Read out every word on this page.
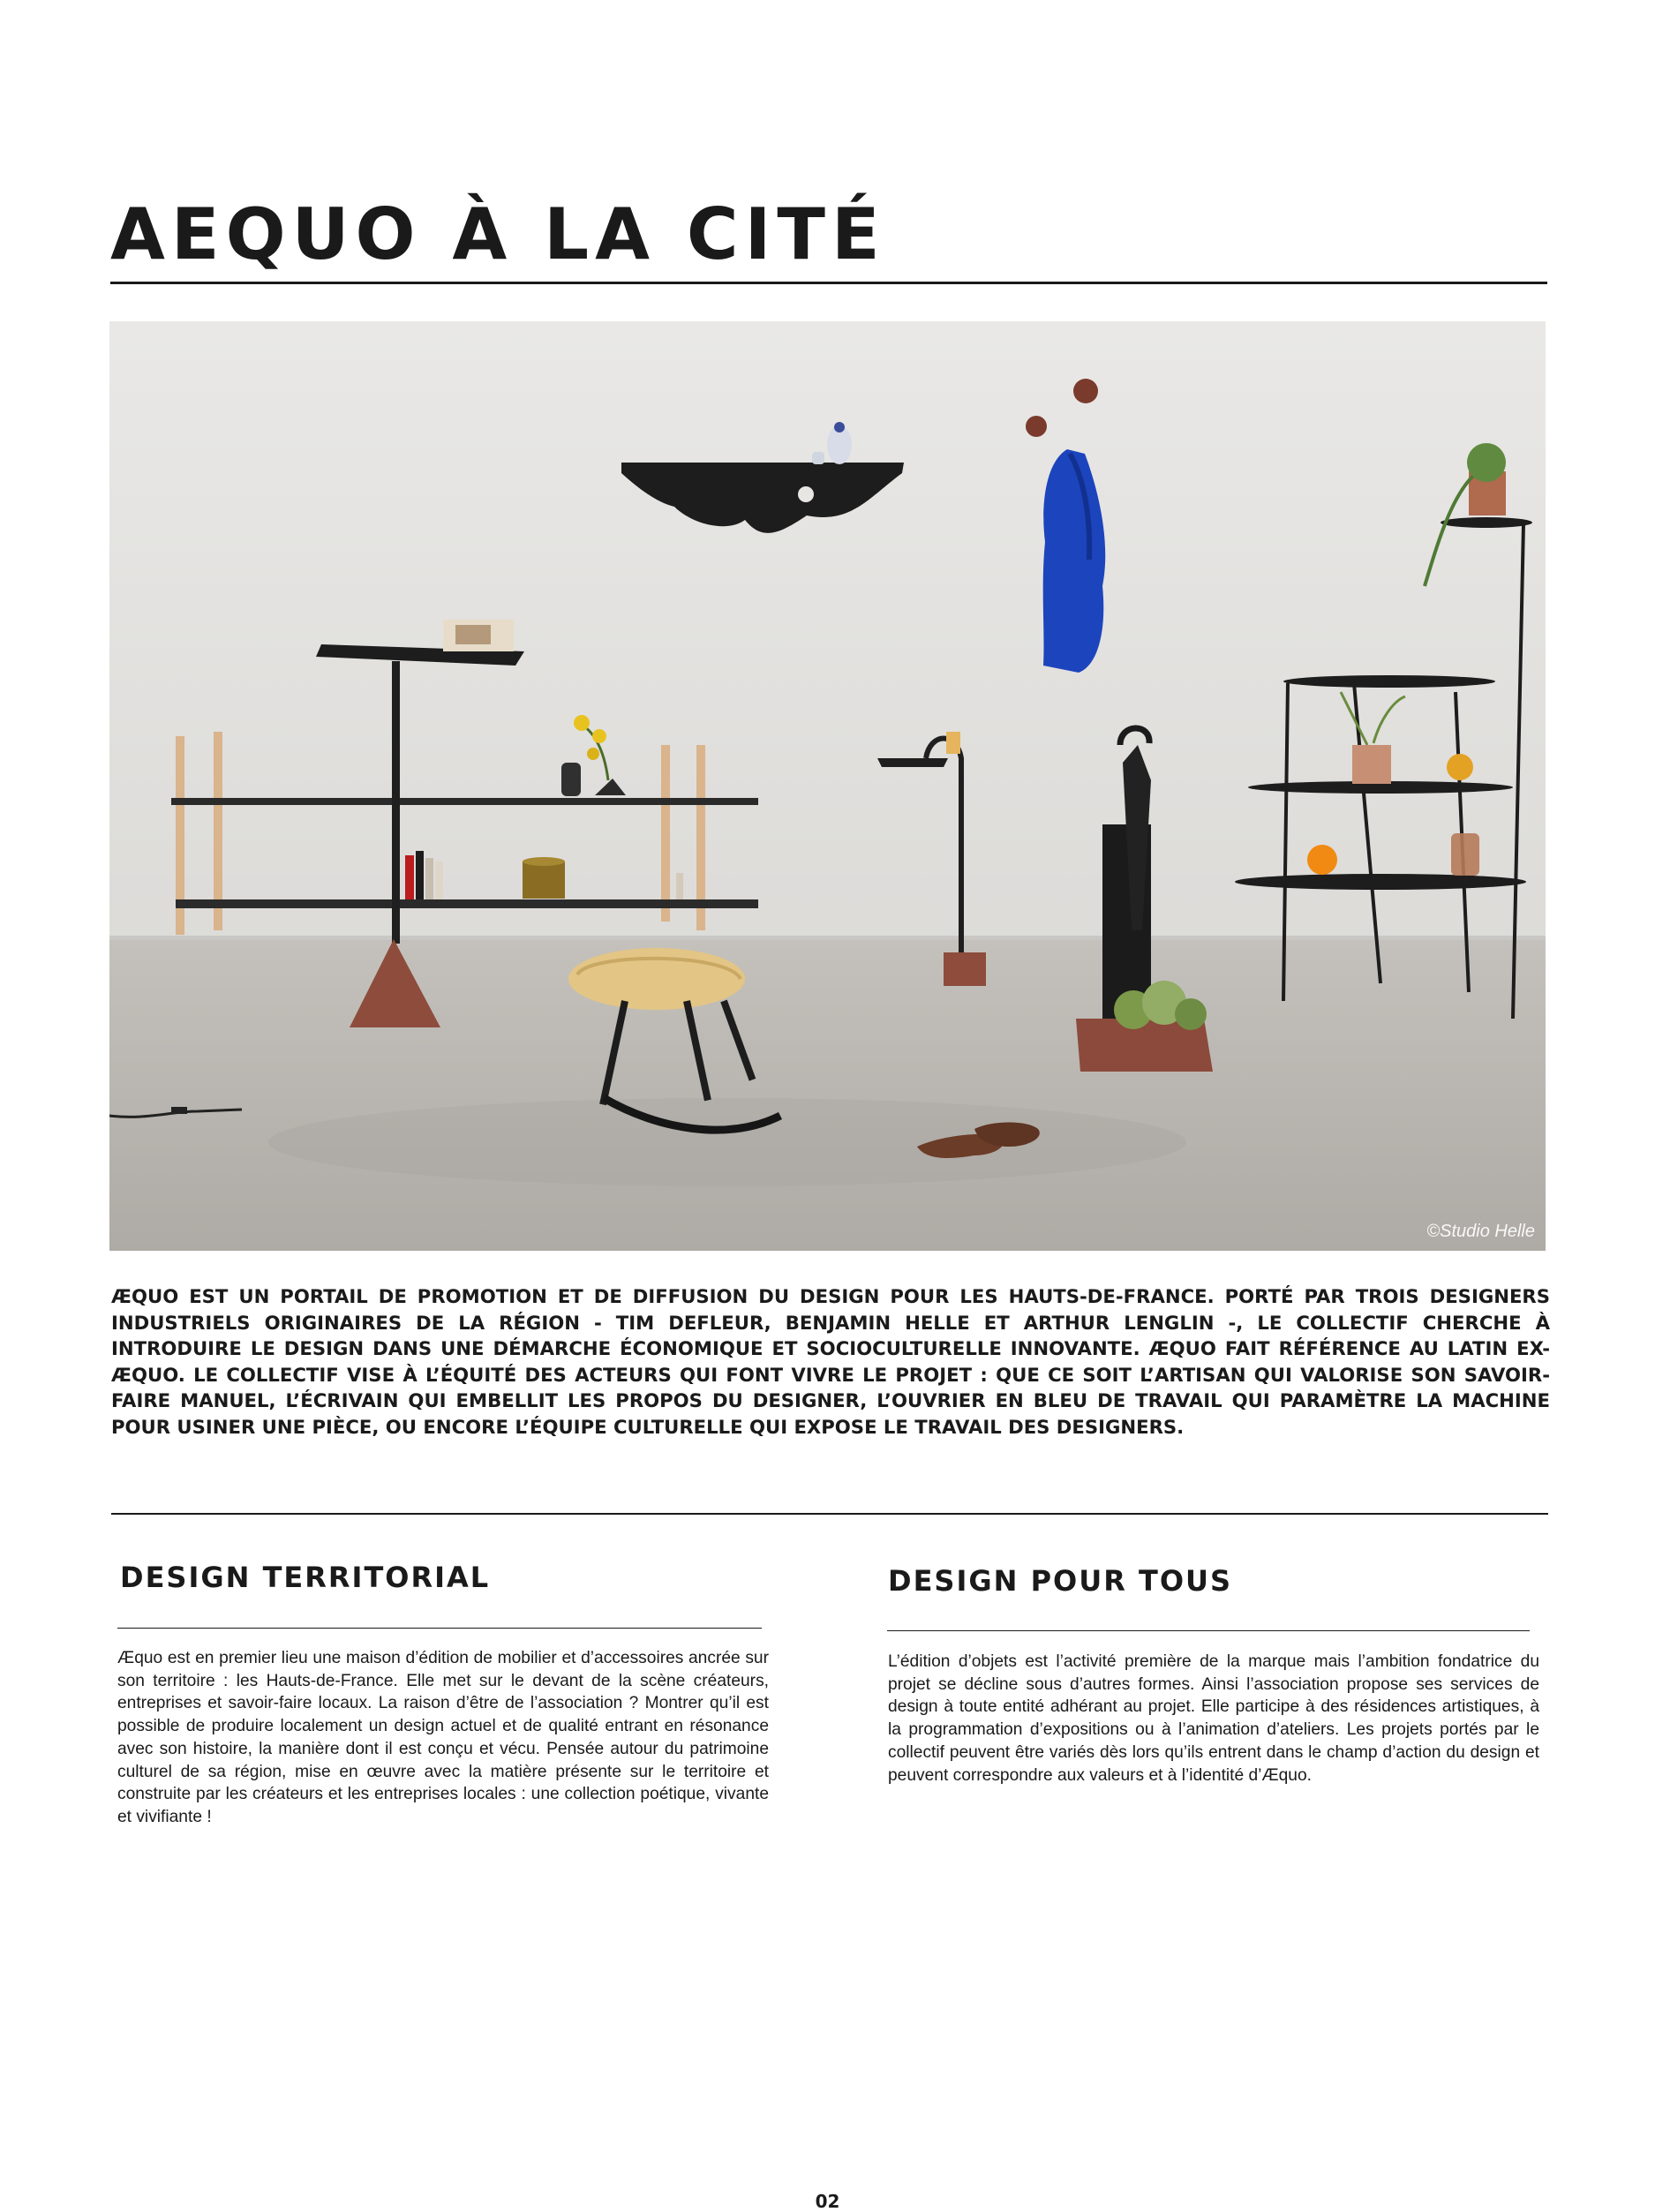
AEQUO À LA CITÉ
©Studio Helle

ÆQUO EST UN PORTAIL DE PROMOTION ET DE DIFFUSION DU DESIGN POUR LES HAUTS-DE-FRANCE. PORTÉ PAR TROIS DESIGNERS INDUSTRIELS ORIGINAIRES DE LA RÉGION - TIM DEFLEUR, BENJAMIN HELLE ET ARTHUR LENGLIN -, LE COLLECTIF CHERCHE À INTRODUIRE LE DESIGN DANS UNE DÉMARCHE ÉCONOMIQUE ET SOCIOCULTURELLE INNOVANTE. ÆQUO FAIT RÉFÉRENCE AU LATIN EX-ÆQUO. LE COLLECTIF VISE À L’ÉQUITÉ DES ACTEURS QUI FONT VIVRE LE PROJET : QUE CE SOIT L’ARTISAN QUI VALORISE SON SAVOIR-FAIRE MANUEL, L’ÉCRIVAIN QUI EMBELLIT LES PROPOS DU DESIGNER, L’OUVRIER EN BLEU DE TRAVAIL QUI PARAMÈTRE LA MACHINE POUR USINER UNE PIÈCE, OU ENCORE L’ÉQUIPE CULTURELLE QUI EXPOSE LE TRAVAIL DES DESIGNERS.

DESIGN TERRITORIAL

Æquo est en premier lieu une maison d’édition de mobilier et d’accessoires ancrée sur son territoire : les Hauts-de-France. Elle met sur le devant de la scène créateurs, entreprises et savoir-faire locaux. La raison d’être de l’association ? Montrer qu’il est possible de produire localement un design actuel et de qualité entrant en résonance avec son histoire, la manière dont il est conçu et vécu. Pensée autour du patrimoine culturel de sa région, mise en œuvre avec la matière présente sur le territoire et construite par les créateurs et les entreprises locales : une collection poétique, vivante et vivifiante !

DESIGN POUR TOUS

L’édition d’objets est l’activité première de la marque mais l’ambition fondatrice du projet se décline sous d’autres formes. Ainsi l’association propose ses services de design à toute entité adhérant au projet. Elle participe à des résidences artistiques, à la programmation d’expositions ou à l’animation d’ateliers. Les projets portés par le collectif peuvent être variés dès lors qu’ils entrent dans le champ d’action du design et peuvent correspondre aux valeurs et à l’identité d’Æquo.

02
